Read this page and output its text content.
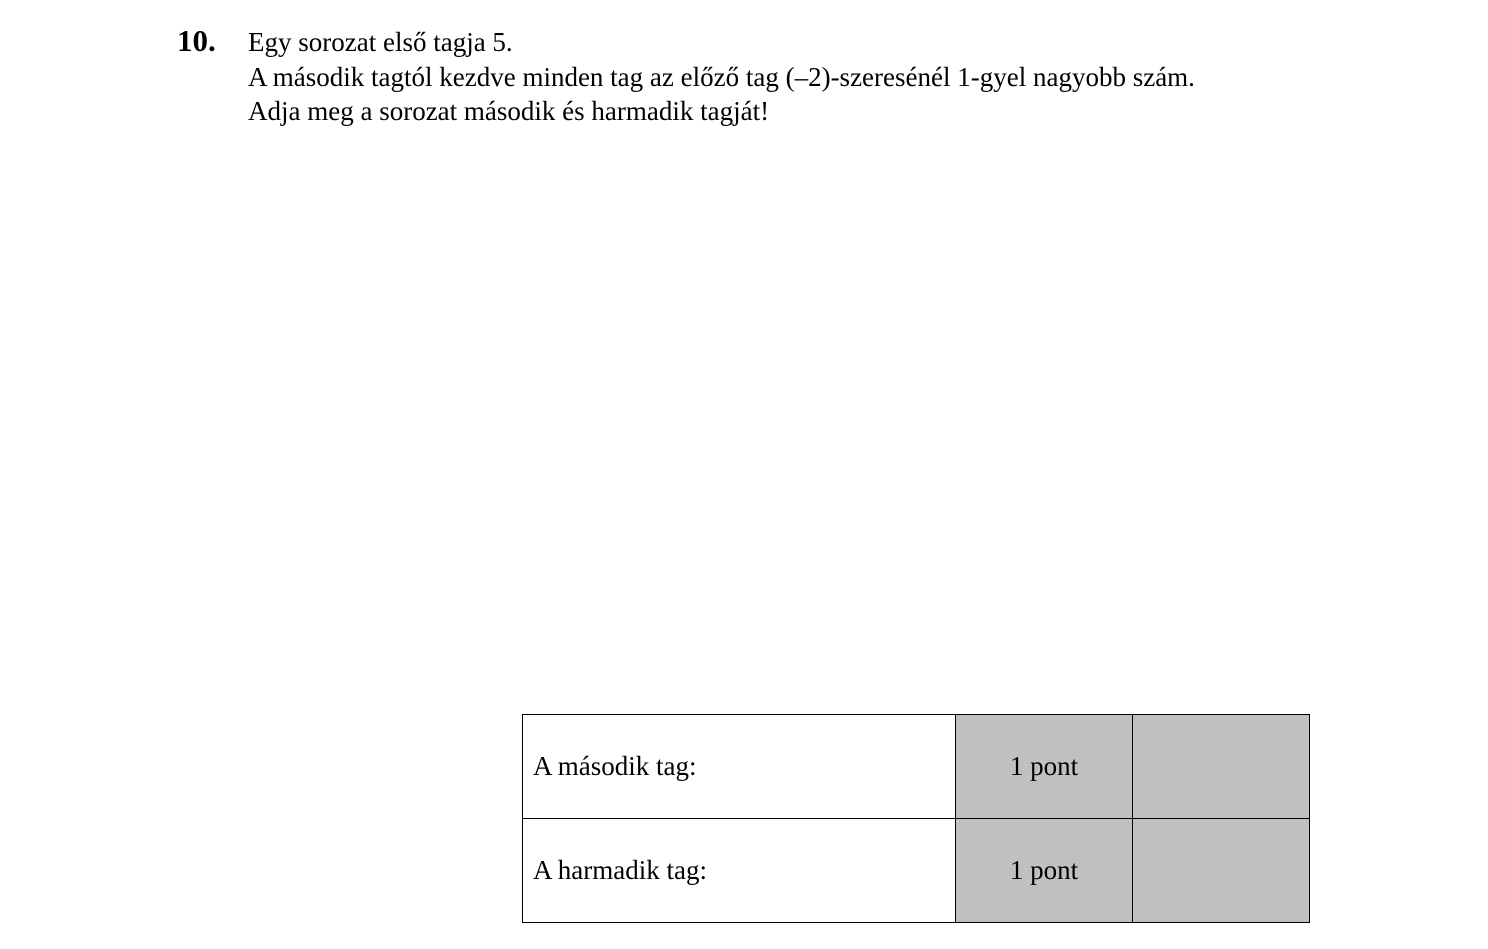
10. Egy sorozat első tagja 5.
A második tagtól kezdve minden tag az előző tag (–2)-szeresénél 1-gyel nagyobb szám.
Adja meg a sorozat második és harmadik tagját!
A második tag:	1 pont	
A harmadik tag:	1 pont	
